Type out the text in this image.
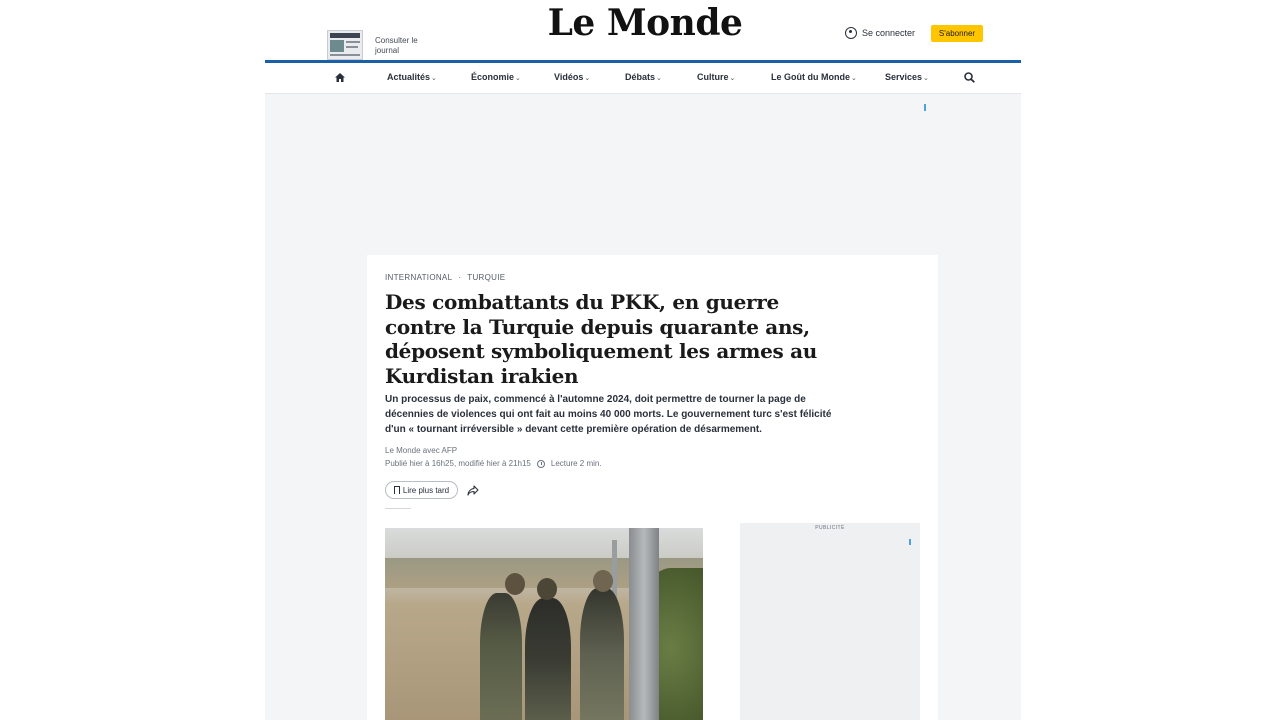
Consulter le journal
Le Monde	Se connecter	S'abonner
Actualités⌄	Économie⌄	Vidéos⌄	Débats⌄	Culture⌄	Le Goût du Monde⌄	Services⌄
INTERNATIONAL · TURQUIE
Des combattants du PKK, en guerre contre la Turquie depuis quarante ans, déposent symboliquement les armes au Kurdistan irakien

Un processus de paix, commencé à l'automne 2024, doit permettre de tourner la page de décennies de violences qui ont fait au moins 40 000 morts. Le gouvernement turc s'est félicité d'un « tournant irréversible » devant cette première opération de désarmement.

Le Monde avec AFP
Publié hier à 16h25, modifié hier à 21h15	Lecture 2 min.
Lire plus tard
PUBLICITÉ
